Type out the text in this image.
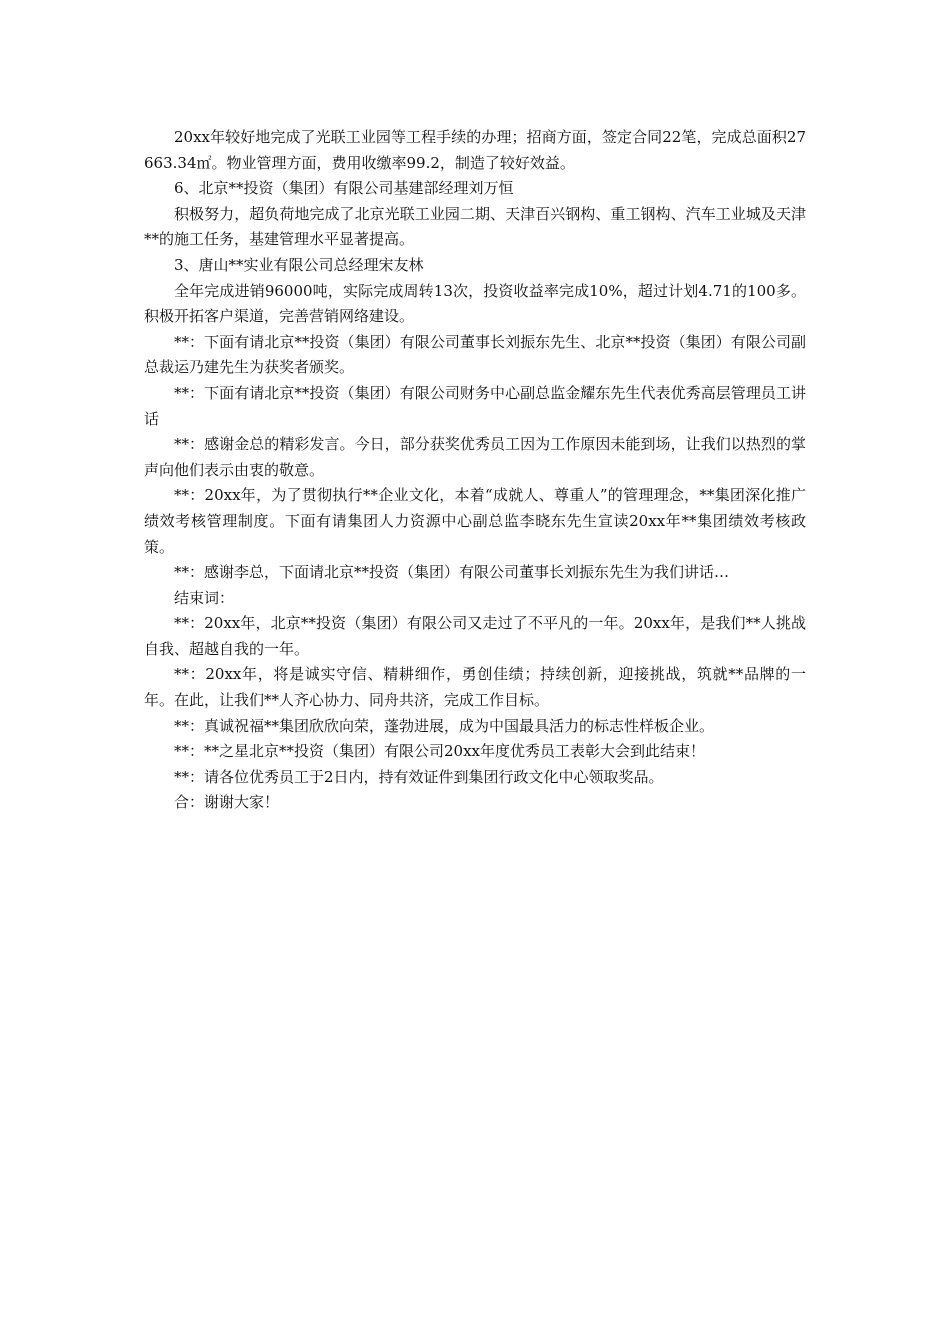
20xx年较好地完成了光联工业园等工程手续的办理；招商方面，签定合同22笔，完成总面积27663.34㎡。物业管理方面，费用收缴率99.2，制造了较好效益。

6、北京**投资（集团）有限公司基建部经理刘万恒

积极努力，超负荷地完成了北京光联工业园二期、天津百兴钢构、重工钢构、汽车工业城及天津**的施工任务，基建管理水平显著提高。

3、唐山**实业有限公司总经理宋友林

全年完成进销96000吨，实际完成周转13次，投资收益率完成10%，超过计划4.71的100多。积极开拓客户渠道，完善营销网络建设。

**：下面有请北京**投资（集团）有限公司董事长刘振东先生、北京**投资（集团）有限公司副总裁运乃建先生为获奖者颁奖。

**：下面有请北京**投资（集团）有限公司财务中心副总监金耀东先生代表优秀高层管理员工讲话

**：感谢金总的精彩发言。今日，部分获奖优秀员工因为工作原因未能到场，让我们以热烈的掌声向他们表示由衷的敬意。

**：20xx年，为了贯彻执行**企业文化，本着“成就人、尊重人”的管理理念，**集团深化推广绩效考核管理制度。下面有请集团人力资源中心副总监李晓东先生宣读20xx年**集团绩效考核政策。

**：感谢李总，下面请北京**投资（集团）有限公司董事长刘振东先生为我们讲话…

结束词：

**：20xx年，北京**投资（集团）有限公司又走过了不平凡的一年。20xx年，是我们**人挑战自我、超越自我的一年。

**：20xx年，将是诚实守信、精耕细作，勇创佳绩；持续创新，迎接挑战，筑就**品牌的一年。在此，让我们**人齐心协力、同舟共济，完成工作目标。

**：真诚祝福**集团欣欣向荣，蓬勃进展，成为中国最具活力的标志性样板企业。

**：**之星北京**投资（集团）有限公司20xx年度优秀员工表彰大会到此结束！

**：请各位优秀员工于2日内，持有效证件到集团行政文化中心领取奖品。

合：谢谢大家！
